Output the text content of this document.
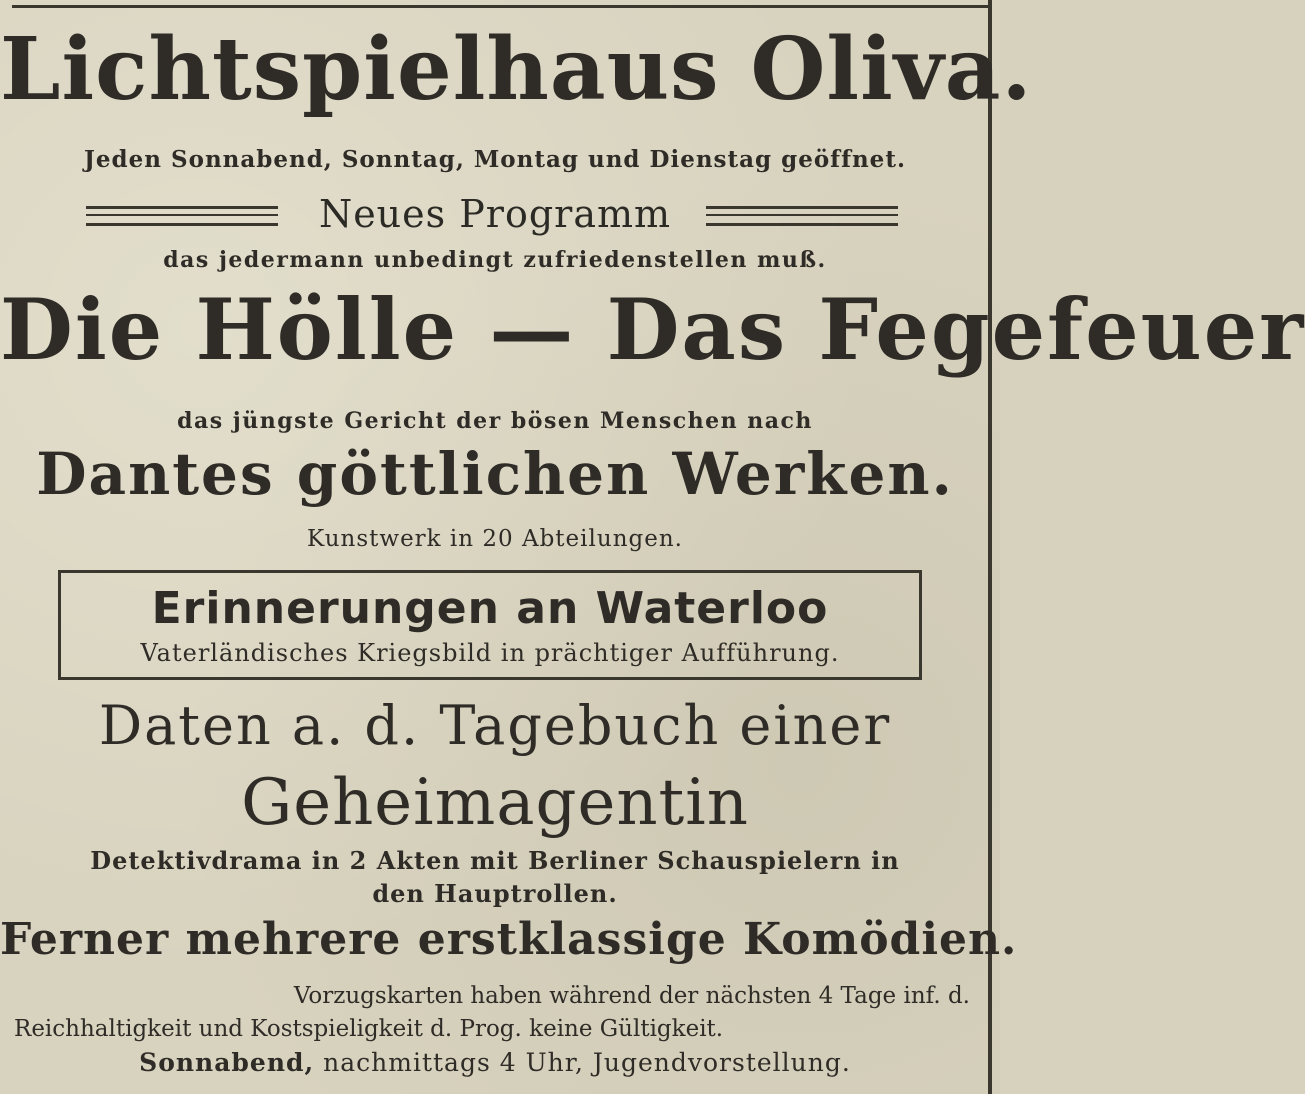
Lichtspielhaus Oliva.
Jeden Sonnabend, Sonntag, Montag und Dienstag geöffnet.
Neues Programm
das jedermann unbedingt zufriedenstellen muß.
Die Hölle — Das Fegefeuer
das jüngste Gericht der bösen Menschen nach
Dantes göttlichen Werken.
Kunstwerk in 20 Abteilungen.
Erinnerungen an Waterloo
Vaterländisches Kriegsbild in prächtiger Aufführung.
Daten a. d. Tagebuch einer
Geheimagentin
Detektivdrama in 2 Akten mit Berliner Schauspielern in den Hauptrollen.
Ferner mehrere erstklassige Komödien.
Vorzugskarten haben während der nächsten 4 Tage inf. d.
Reichhaltigkeit und Kostspieligkeit d. Prog. keine Gültigkeit.
Sonnabend, nachmittags 4 Uhr, Jugendvorstellung.
